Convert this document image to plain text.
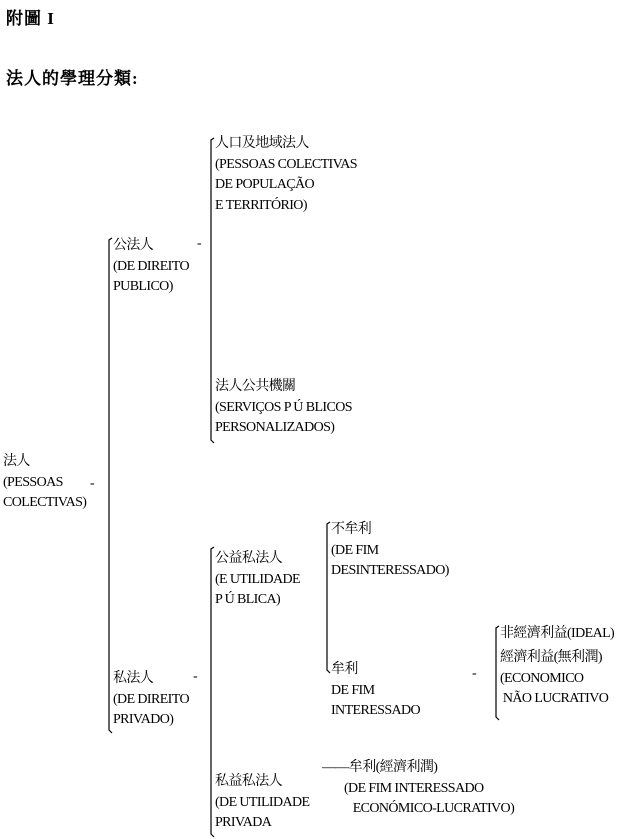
附圖 I
法人的學理分類:
法人
(PESSOAS
COLECTIVAS)
-
公法人
(DE DIREITO
PUBLICO)
-
人口及地域法人
(PESSOAS COLECTIVAS
DE POPULAÇÃO
E TERRITÓRIO)
法人公共機關
(SERVIÇOS P Ú BLICOS
PERSONALIZADOS)
私法人
(DE DIREITO
PRIVADO)
-
公益私法人
(E UTILIDADE
P Ú BLICA)
不牟利
(DE FIM
DESINTERESSADO)
牟利
DE FIM
INTERESSADO
-
非經濟利益(IDEAL)
經濟利益(無利潤)
(ECONOMICO
NÃO LUCRATIVO
私益私法人
(DE UTILIDADE
PRIVADA
——牟利(經濟利潤)
(DE FIM INTERESSADO
ECONÓMICO-LUCRATIVO)
